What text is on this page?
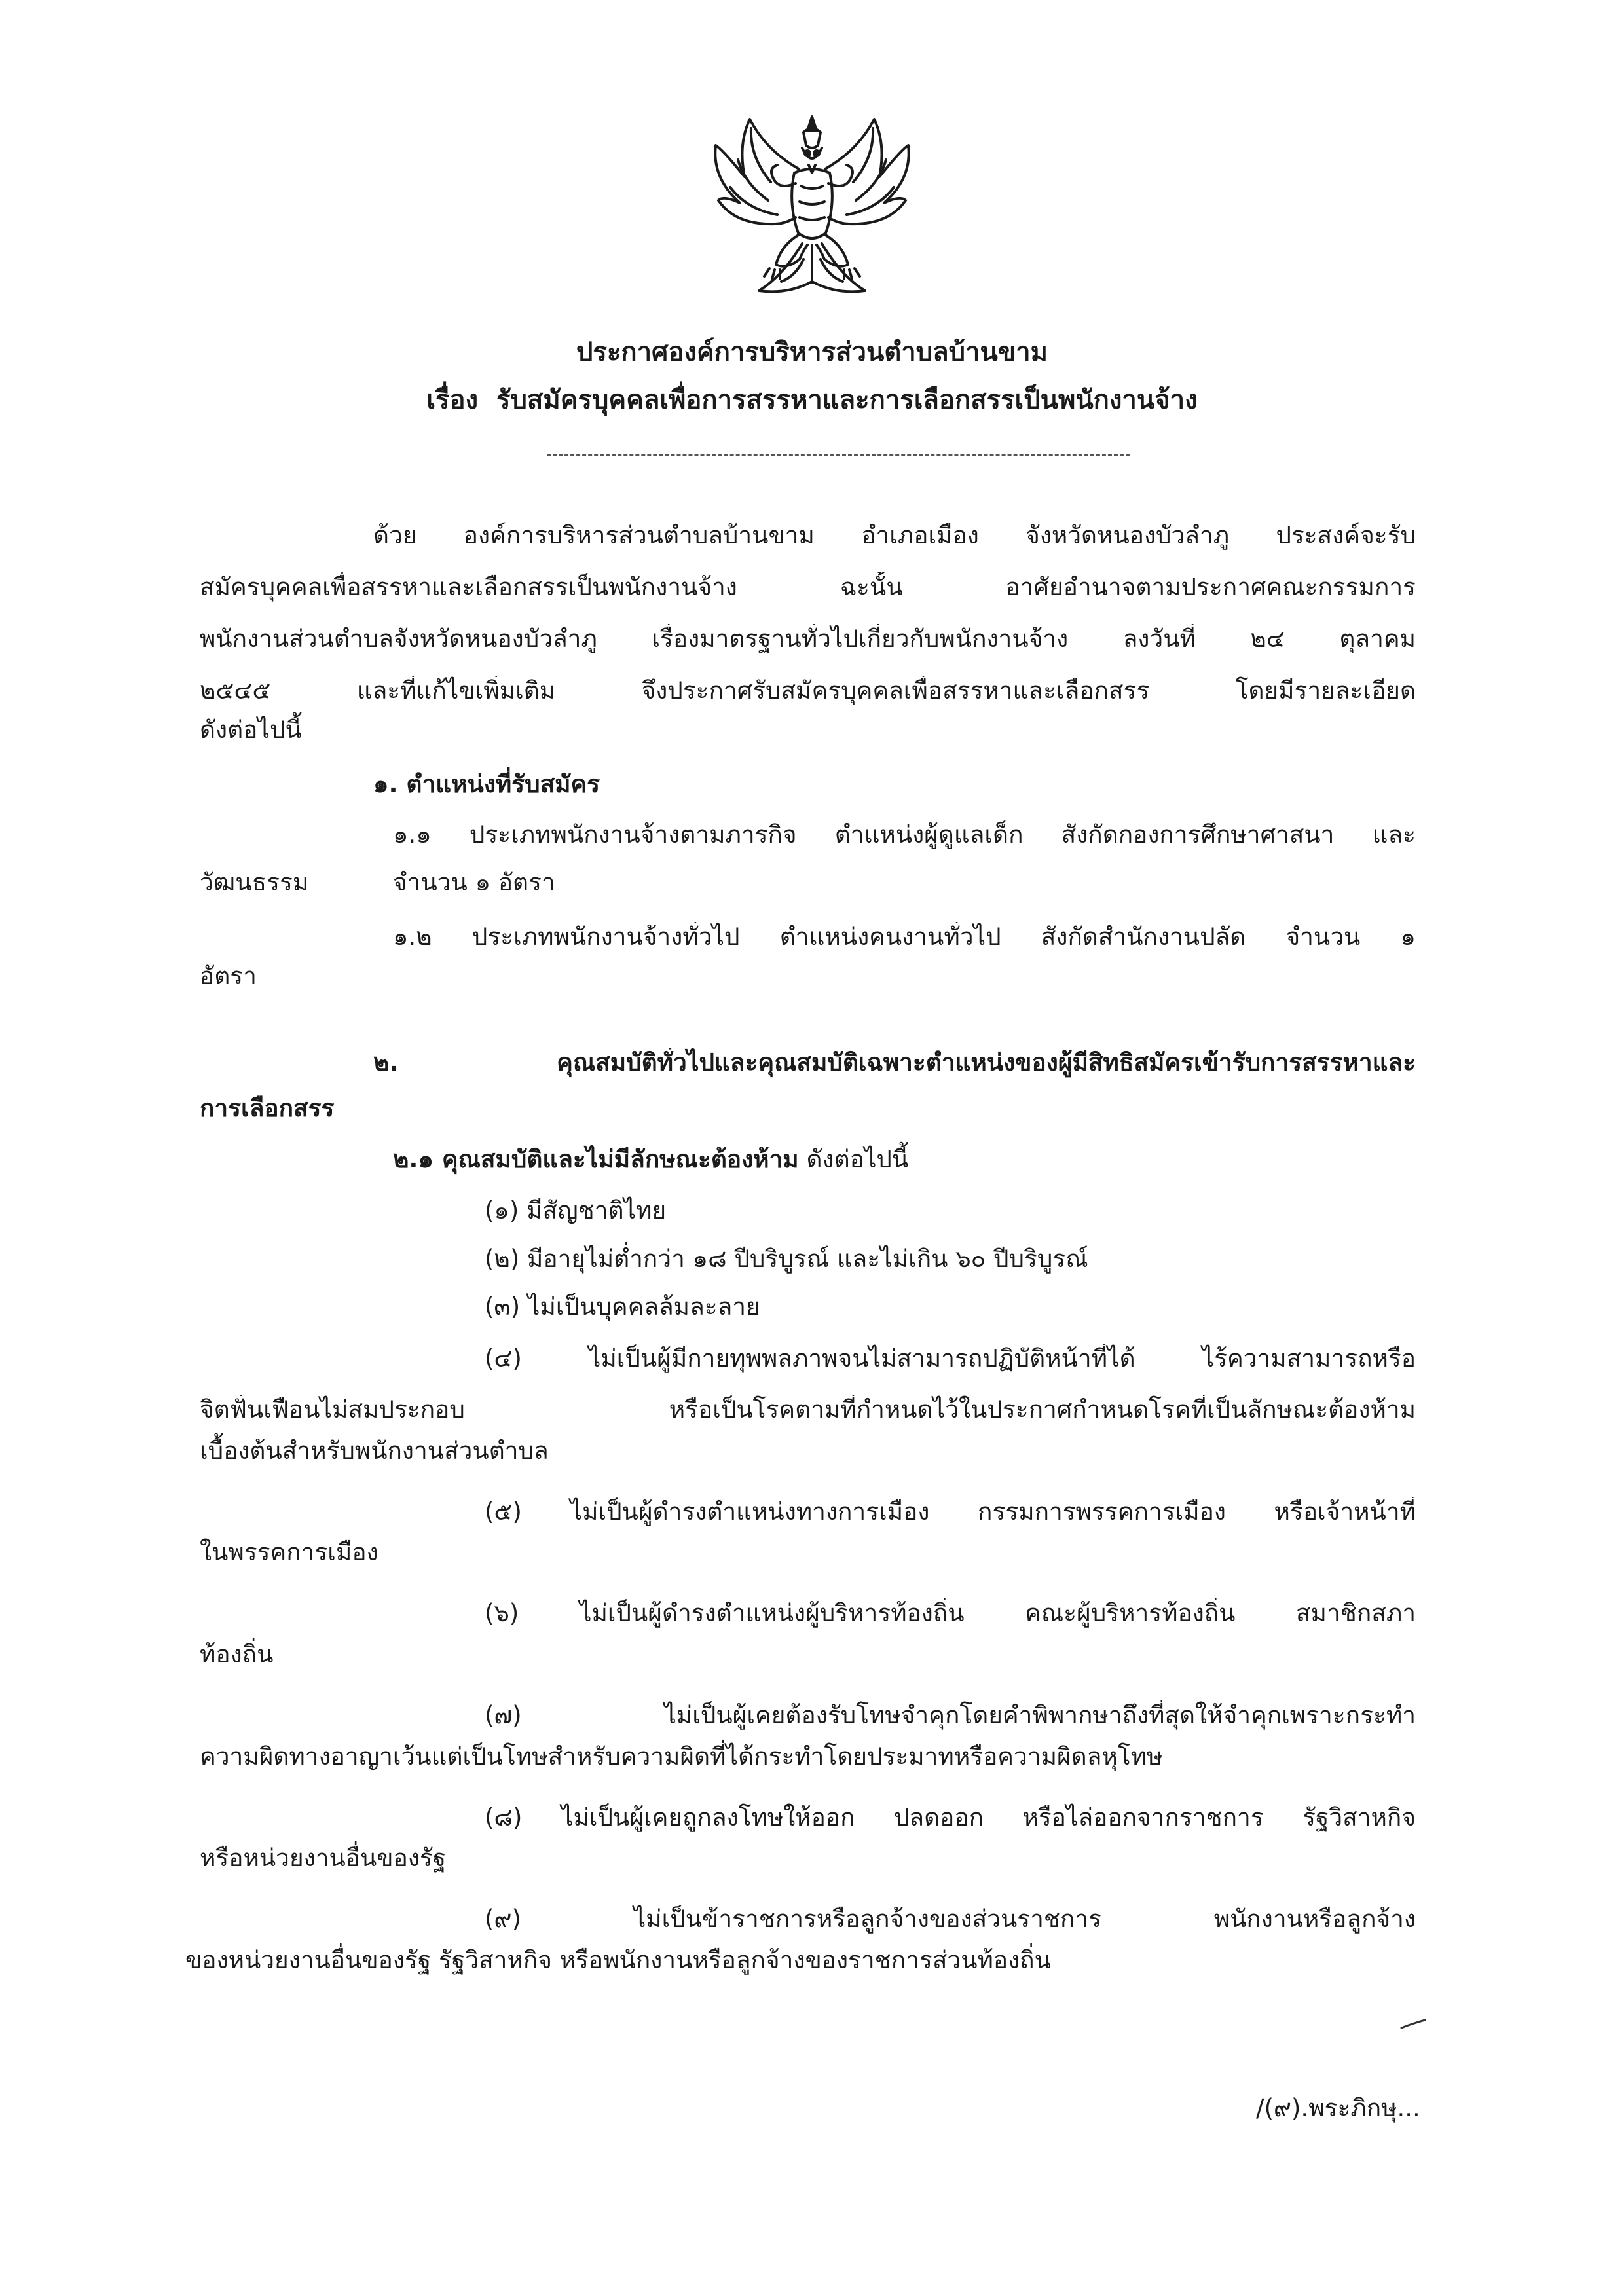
ประกาศองค์การบริหารส่วนตำบลบ้านขาม
เรื่อง รับสมัครบุคคลเพื่อการสรรหาและการเลือกสรรเป็นพนักงานจ้าง
ด้วย องค์การบริหารส่วนตำบลบ้านขาม อำเภอเมือง จังหวัดหนองบัวลำภู ประสงค์จะรับ
สมัครบุคคลเพื่อสรรหาและเลือกสรรเป็นพนักงานจ้าง ฉะนั้น อาศัยอำนาจตามประกาศคณะกรรมการ
พนักงานส่วนตำบลจังหวัดหนองบัวลำภู เรื่องมาตรฐานทั่วไปเกี่ยวกับพนักงานจ้าง ลงวันที่ ๒๔ ตุลาคม
๒๕๔๕ และที่แก้ไขเพิ่มเติม จึงประกาศรับสมัครบุคคลเพื่อสรรหาและเลือกสรร โดยมีรายละเอียด
ดังต่อไปนี้
๑. ตำแหน่งที่รับสมัคร
๑.๑ ประเภทพนักงานจ้างตามภารกิจ ตำแหน่งผู้ดูแลเด็ก สังกัดกองการศึกษาศาสนา และ
วัฒนธรรม	จำนวน ๑ อัตรา
๑.๒ ประเภทพนักงานจ้างทั่วไป ตำแหน่งคนงานทั่วไป สังกัดสำนักงานปลัด จำนวน ๑
อัตรา
๒. คุณสมบัติทั่วไปและคุณสมบัติเฉพาะตำแหน่งของผู้มีสิทธิสมัครเข้ารับการสรรหาและ
การเลือกสรร
๒.๑ คุณสมบัติและไม่มีลักษณะต้องห้าม ดังต่อไปนี้
(๑) มีสัญชาติไทย
(๒) มีอายุไม่ต่ำกว่า ๑๘ ปีบริบูรณ์ และไม่เกิน ๖๐ ปีบริบูรณ์
(๓) ไม่เป็นบุคคลล้มละลาย
(๔) ไม่เป็นผู้มีกายทุพพลภาพจนไม่สามารถปฏิบัติหน้าที่ได้ ไร้ความสามารถหรือ
จิตฟั่นเฟือนไม่สมประกอบ หรือเป็นโรคตามที่กำหนดไว้ในประกาศกำหนดโรคที่เป็นลักษณะต้องห้าม
เบื้องต้นสำหรับพนักงานส่วนตำบล
(๕) ไม่เป็นผู้ดำรงตำแหน่งทางการเมือง กรรมการพรรคการเมือง หรือเจ้าหน้าที่
ในพรรคการเมือง
(๖) ไม่เป็นผู้ดำรงตำแหน่งผู้บริหารท้องถิ่น คณะผู้บริหารท้องถิ่น สมาชิกสภา
ท้องถิ่น
(๗) ไม่เป็นผู้เคยต้องรับโทษจำคุกโดยคำพิพากษาถึงที่สุดให้จำคุกเพราะกระทำ
ความผิดทางอาญาเว้นแต่เป็นโทษสำหรับความผิดที่ได้กระทำโดยประมาทหรือความผิดลหุโทษ
(๘) ไม่เป็นผู้เคยถูกลงโทษให้ออก ปลดออก หรือไล่ออกจากราชการ รัฐวิสาหกิจ
หรือหน่วยงานอื่นของรัฐ
(๙) ไม่เป็นข้าราชการหรือลูกจ้างของส่วนราชการ พนักงานหรือลูกจ้าง
ของหน่วยงานอื่นของรัฐ รัฐวิสาหกิจ หรือพนักงานหรือลูกจ้างของราชการส่วนท้องถิ่น
/(๙).พระภิกษุ...
